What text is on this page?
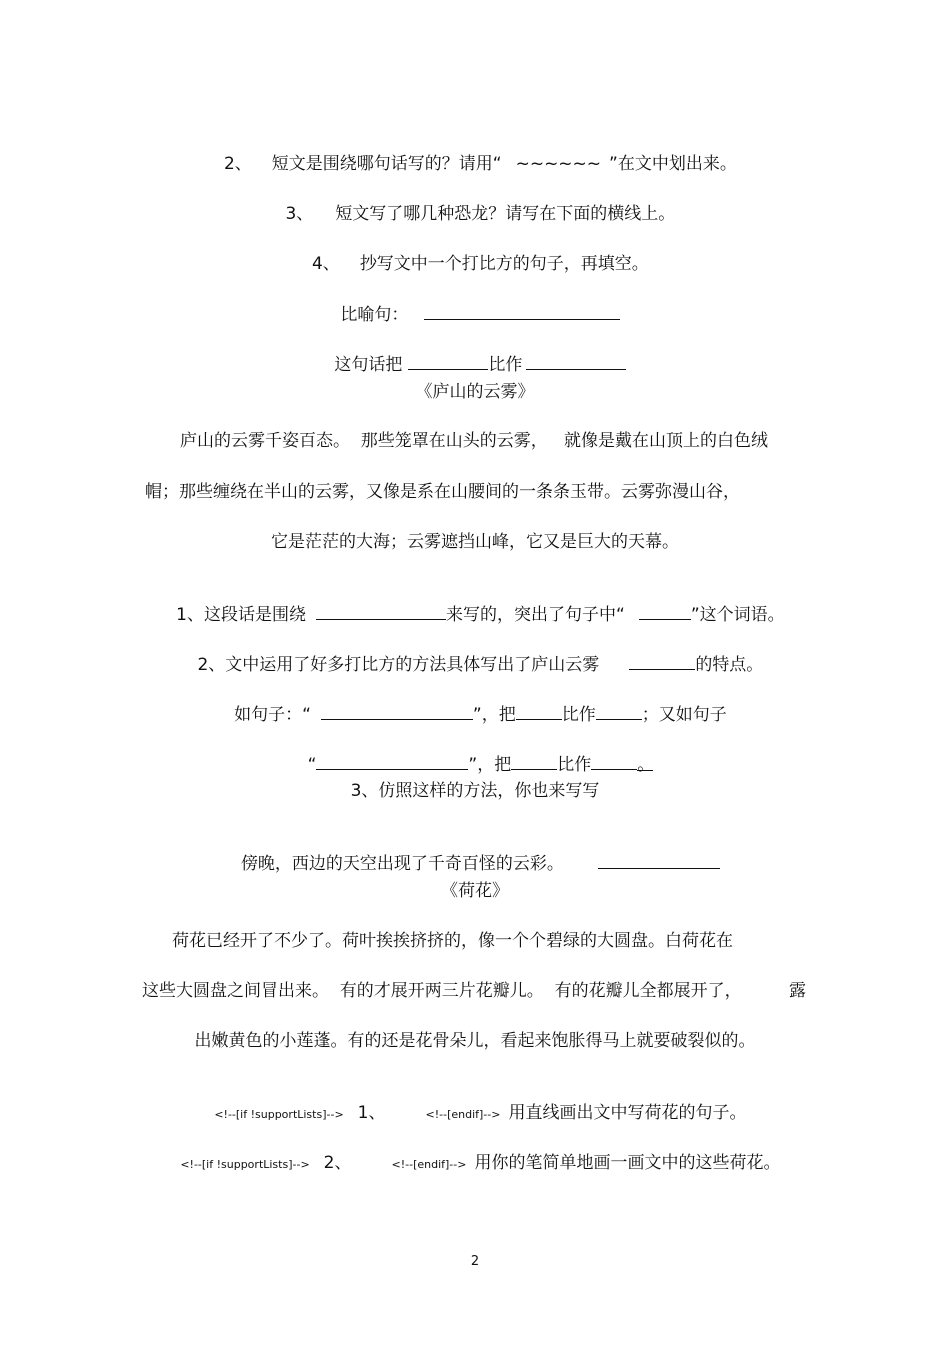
2、 短文是围绕哪句话写的？请用“ ~~~~~~ ”在文中划出来。

3、 短文写了哪几种恐龙？请写在下面的横线上。

4、 抄写文中一个打比方的句子，再填空。

比喻句：

这句话把	比作

《庐山的云雾》
庐山的云雾千姿百态。  那些笼罩在山头的云雾，   就像是戴在山顶上的白色绒
帽；那些缠绕在半山的云雾，又像是系在山腰间的一条条玉带。云雾弥漫山谷，
它是茫茫的大海；云雾遮挡山峰，它又是巨大的天幕。

1、这段话是围绕	来写的，突出了句子中“	”这个词语。

2、文中运用了好多打比方的方法具体写出了庐山云雾	的特点。

如句子：“	”，把	比作	；又如句子

“	”，把	比作	。

3、仿照这样的方法，你也来写写

傍晚，西边的天空出现了千奇百怪的云彩。

《荷花》
荷花已经开了不少了。荷叶挨挨挤挤的，像一个个碧绿的大圆盘。白荷花在
这些大圆盘之间冒出来。  有的才展开两三片花瓣儿。  有的花瓣儿全都展开了，	露
出嫩黄色的小莲蓬。有的还是花骨朵儿，看起来饱胀得马上就要破裂似的。

<!--[if !supportLists]--> 1、	<!--[endif]--> 用直线画出文中写荷花的句子。

<!--[if !supportLists]--> 2、	<!--[endif]--> 用你的笔简单地画一画文中的这些荷花。

2
